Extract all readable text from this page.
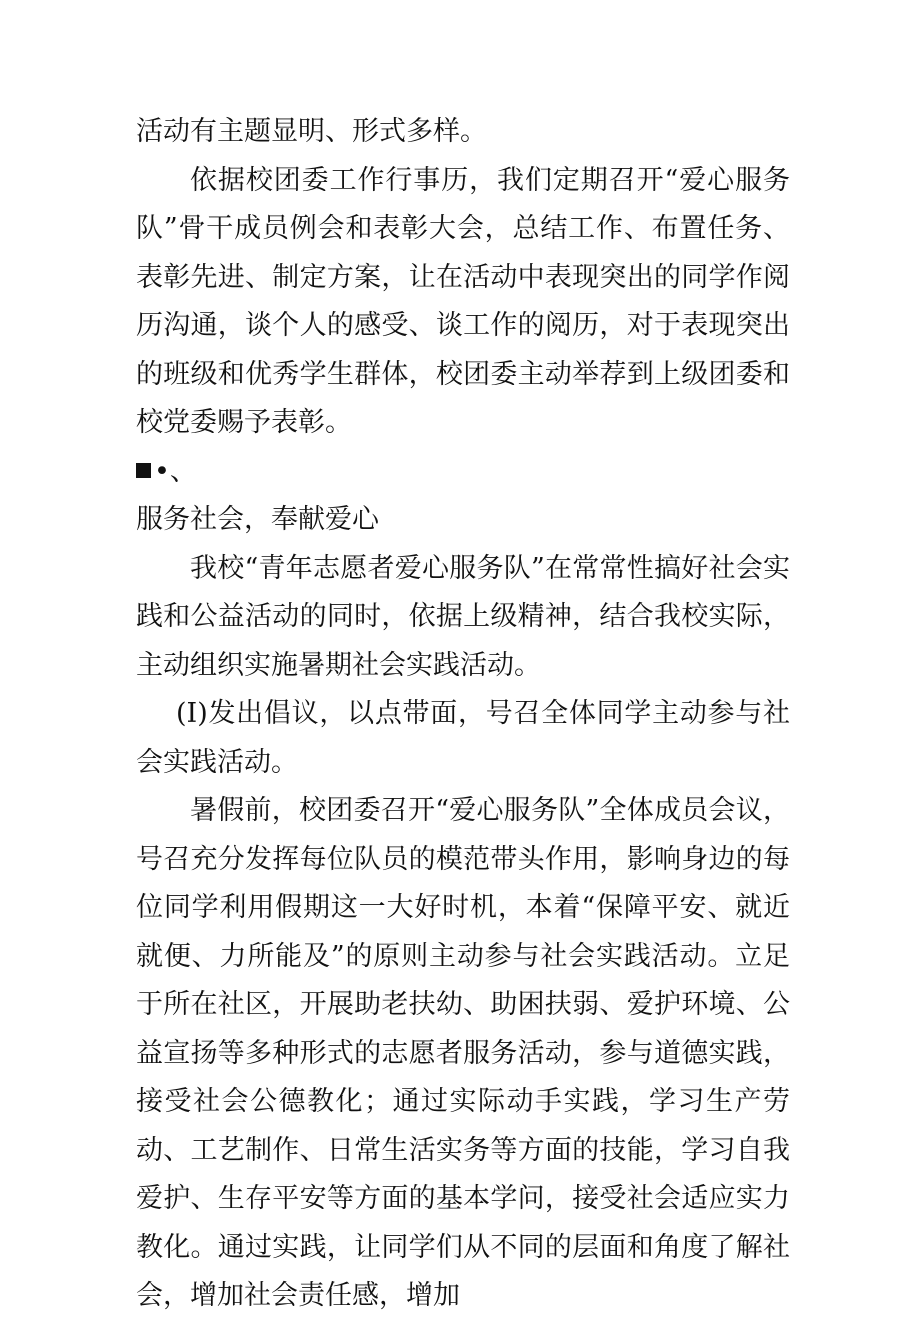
活动有主题显明、形式多样。

依据校团委工作行事历，我们定期召开“爱心服务队”骨干成员例会和表彰大会，总结工作、布置任务、表彰先进、制定方案，让在活动中表现突出的同学作阅历沟通，谈个人的感受、谈工作的阅历，对于表现突出的班级和优秀学生群体，校团委主动举荐到上级团委和校党委赐予表彰。

•、

服务社会，奉献爱心

我校“青年志愿者爱心服务队”在常常性搞好社会实践和公益活动的同时，依据上级精神，结合我校实际，主动组织实施暑期社会实践活动。

(I)发出倡议，以点带面，号召全体同学主动参与社会实践活动。

暑假前，校团委召开“爱心服务队”全体成员会议，号召充分发挥每位队员的模范带头作用，影响身边的每位同学利用假期这一大好时机，本着“保障平安、就近就便、力所能及”的原则主动参与社会实践活动。立足于所在社区，开展助老扶幼、助困扶弱、爱护环境、公益宣扬等多种形式的志愿者服务活动，参与道德实践，接受社会公德教化；通过实际动手实践，学习生产劳动、工艺制作、日常生活实务等方面的技能，学习自我爱护、生存平安等方面的基本学问，接受社会适应实力教化。通过实践，让同学们从不同的层面和角度了解社会，增加社会责任感，增加
